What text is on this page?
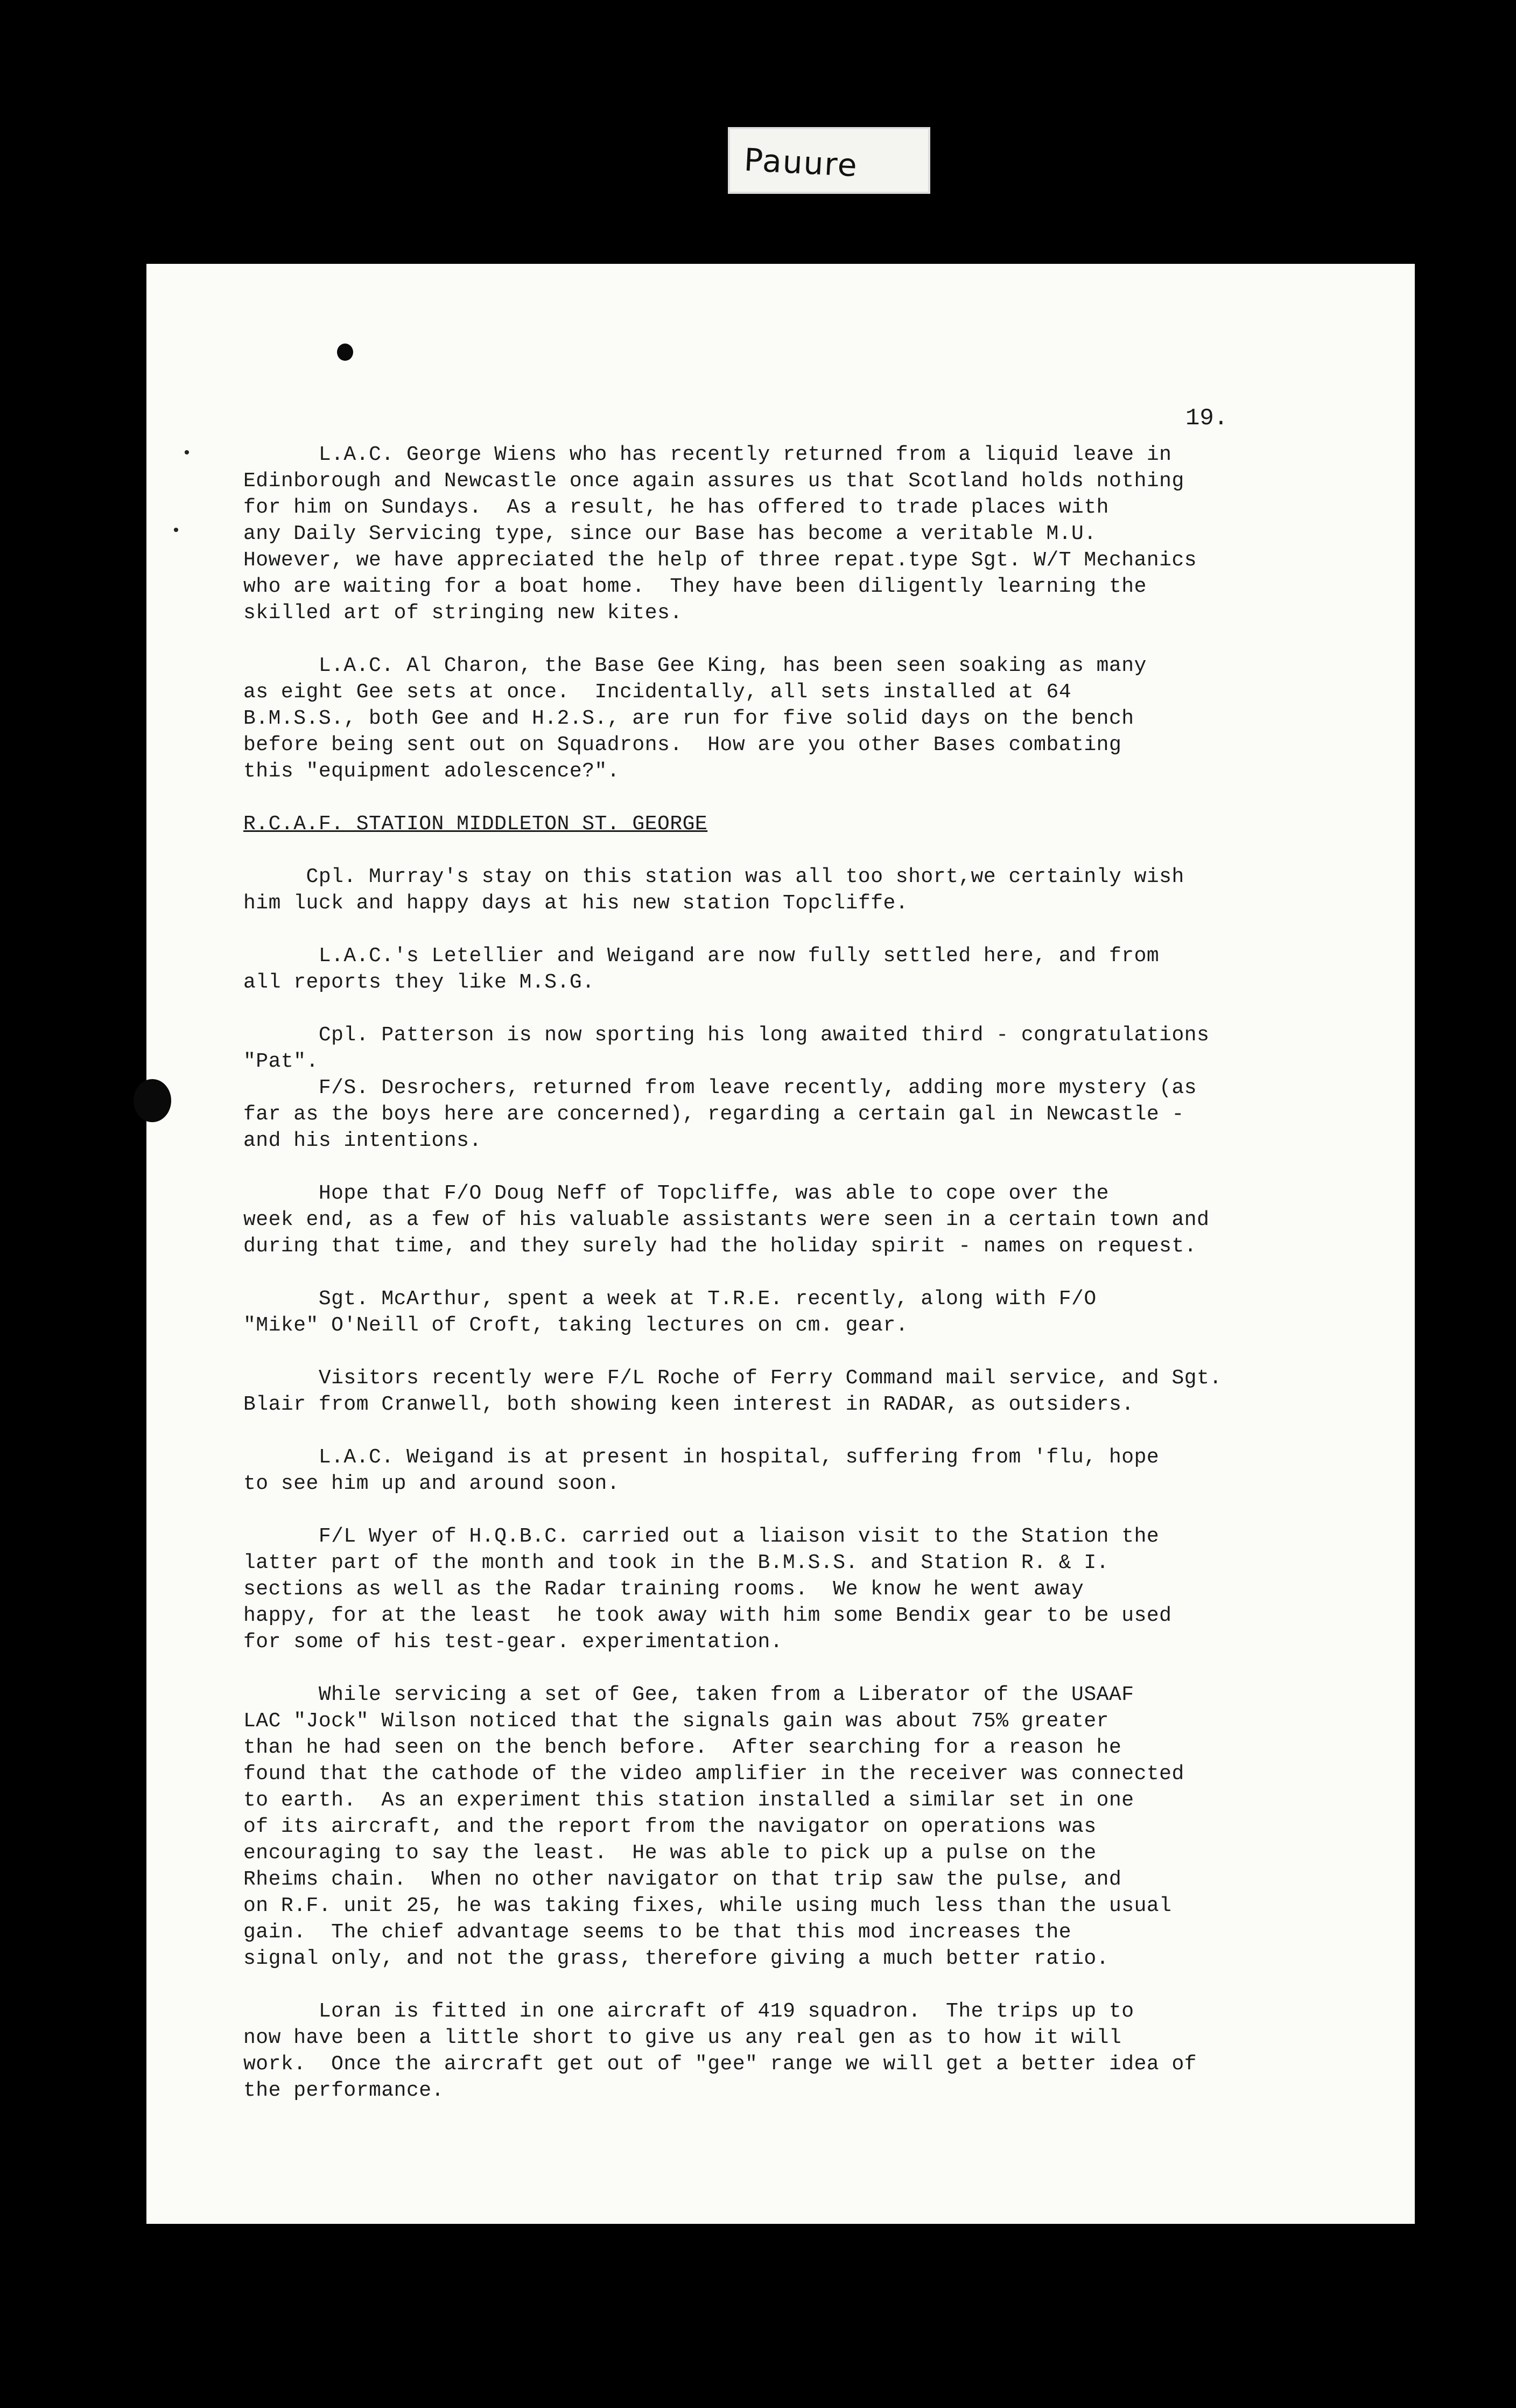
Pauure
19.

L.A.C. George Wiens who has recently returned from a liquid leave in
Edinborough and Newcastle once again assures us that Scotland holds nothing
for him on Sundays.  As a result, he has offered to trade places with
any Daily Servicing type, since our Base has become a veritable M.U.
However, we have appreciated the help of three repat.type Sgt. W/T Mechanics
who are waiting for a boat home.  They have been diligently learning the
skilled art of stringing new kites.

L.A.C. Al Charon, the Base Gee King, has been seen soaking as many
as eight Gee sets at once.  Incidentally, all sets installed at 64
B.M.S.S., both Gee and H.2.S., are run for five solid days on the bench
before being sent out on Squadrons.  How are you other Bases combating
this "equipment adolescence?".

R.C.A.F. STATION MIDDLETON ST. GEORGE

Cpl. Murray's stay on this station was all too short,we certainly wish
him luck and happy days at his new station Topcliffe.

L.A.C.'s Letellier and Weigand are now fully settled here, and from
all reports they like M.S.G.

Cpl. Patterson is now sporting his long awaited third - congratulations
"Pat".

F/S. Desrochers, returned from leave recently, adding more mystery (as
far as the boys here are concerned), regarding a certain gal in Newcastle -
and his intentions.

Hope that F/O Doug Neff of Topcliffe, was able to cope over the
week end, as a few of his valuable assistants were seen in a certain town and
during that time, and they surely had the holiday spirit - names on request.

Sgt. McArthur, spent a week at T.R.E. recently, along with F/O
"Mike" O'Neill of Croft, taking lectures on cm. gear.

Visitors recently were F/L Roche of Ferry Command mail service, and Sgt.
Blair from Cranwell, both showing keen interest in RADAR, as outsiders.

L.A.C. Weigand is at present in hospital, suffering from 'flu, hope
to see him up and around soon.

F/L Wyer of H.Q.B.C. carried out a liaison visit to the Station the
latter part of the month and took in the B.M.S.S. and Station R. & I.
sections as well as the Radar training rooms.  We know he went away
happy, for at the least  he took away with him some Bendix gear to be used
for some of his test-gear. experimentation.

While servicing a set of Gee, taken from a Liberator of the USAAF
LAC "Jock" Wilson noticed that the signals gain was about 75% greater
than he had seen on the bench before.  After searching for a reason he
found that the cathode of the video amplifier in the receiver was connected
to earth.  As an experiment this station installed a similar set in one
of its aircraft, and the report from the navigator on operations was
encouraging to say the least.  He was able to pick up a pulse on the
Rheims chain.  When no other navigator on that trip saw the pulse, and
on R.F. unit 25, he was taking fixes, while using much less than the usual
gain.  The chief advantage seems to be that this mod increases the
signal only, and not the grass, therefore giving a much better ratio.

Loran is fitted in one aircraft of 419 squadron.  The trips up to
now have been a little short to give us any real gen as to how it will
work.  Once the aircraft get out of "gee" range we will get a better idea of
the performance.

•
•
